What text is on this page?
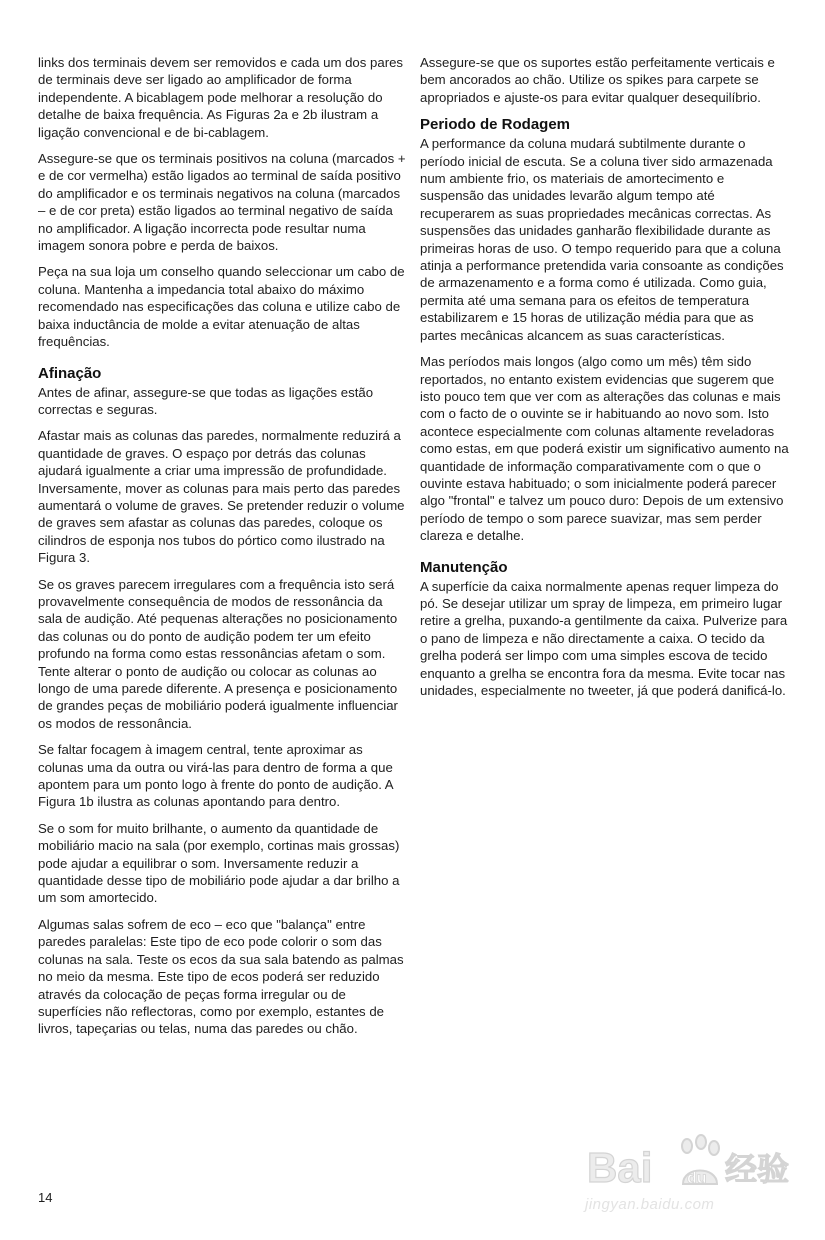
links dos terminais devem ser removidos e cada um dos pares de terminais deve ser ligado ao amplificador de forma independente. A bicablagem pode melhorar a resolução do detalhe de baixa frequência. As Figuras 2a e 2b ilustram a ligação convencional e de bi-cablagem.

Assegure-se que os terminais positivos na coluna (marcados + e de cor vermelha) estão ligados ao terminal de saída positivo do amplificador e os terminais negativos na coluna (marcados – e de cor preta) estão ligados ao terminal negativo de saída no amplificador. A ligação incorrecta pode resultar numa imagem sonora pobre e perda de baixos.

Peça na sua loja um conselho quando seleccionar um cabo de coluna. Mantenha a impedancia total abaixo do máximo recomendado nas especificações das coluna e utilize cabo de baixa inductância de molde a evitar atenuação de altas frequências.

Afinação

Antes de afinar, assegure-se que todas as ligações estão correctas e seguras.

Afastar mais as colunas das paredes, normalmente reduzirá a quantidade de graves. O espaço por detrás das colunas ajudará igualmente a criar uma impressão de profundidade. Inversamente, mover as colunas para mais perto das paredes aumentará o volume de graves. Se pretender reduzir o volume de graves sem afastar as colunas das paredes, coloque os cilindros de esponja nos tubos do pórtico como ilustrado na Figura 3.

Se os graves parecem irregulares com a frequência isto será provavelmente consequência de modos de ressonância da sala de audição. Até pequenas alterações no posicionamento das colunas ou do ponto de audição podem ter um efeito profundo na forma como estas ressonâncias afetam o som. Tente alterar o ponto de audição ou colocar as colunas ao longo de uma parede diferente. A presença e posicionamento de grandes peças de mobiliário poderá igualmente influenciar os modos de ressonância.

Se faltar focagem à imagem central, tente aproximar as colunas uma da outra ou virá-las para dentro de forma a que apontem para um ponto logo à frente do ponto de audição. A Figura 1b ilustra as colunas apontando para dentro.

Se o som for muito brilhante, o aumento da quantidade de mobiliário macio na sala (por exemplo, cortinas mais grossas) pode ajudar a equilibrar o som. Inversamente reduzir a quantidade desse tipo de mobiliário pode ajudar a dar brilho a um som amortecido.

Algumas salas sofrem de eco – eco que "balança" entre paredes paralelas: Este tipo de eco pode colorir o som das colunas na sala. Teste os ecos da sua sala batendo as palmas no meio da mesma. Este tipo de ecos poderá ser reduzido através da colocação de peças forma irregular ou de superfícies não reflectoras, como por exemplo, estantes de livros, tapeçarias ou telas, numa das paredes ou chão.

Assegure-se que os suportes estão perfeitamente verticais e bem ancorados ao chão. Utilize os spikes para carpete se apropriados e ajuste-os para evitar qualquer desequilíbrio.

Periodo de Rodagem

A performance da coluna mudará subtilmente durante o período inicial de escuta. Se a coluna tiver sido armazenada num ambiente frio, os materiais de amortecimento e suspensão das unidades levarão algum tempo até recuperarem as suas propriedades mecânicas correctas. As suspensões das unidades ganharão flexibilidade durante as primeiras horas de uso. O tempo requerido para que a coluna atinja a performance pretendida varia consoante as condições de armazenamento e a forma como é utilizada. Como guia, permita até uma semana para os efeitos de temperatura estabilizarem e 15 horas de utilização média para que as partes mecânicas alcancem as suas características.

Mas períodos mais longos (algo como um mês) têm sido reportados, no entanto existem evidencias que sugerem que isto pouco tem que ver com as alterações das colunas e mais com o facto de o ouvinte se ir habituando ao novo som. Isto acontece especialmente com colunas altamente reveladoras como estas, em que poderá existir um significativo aumento na quantidade de informação comparativamente com o que o ouvinte estava habituado; o som inicialmente poderá parecer algo "frontal" e talvez um pouco duro: Depois de um extensivo período de tempo o som parece suavizar, mas sem perder clareza e detalhe.

Manutenção

A superfície da caixa normalmente apenas requer limpeza do pó. Se desejar utilizar um spray de limpeza, em primeiro lugar retire a grelha, puxando-a gentilmente da caixa. Pulverize para o pano de limpeza e não directamente a caixa. O tecido da grelha poderá ser limpo com uma simples escova de tecido enquanto a grelha se encontra fora da mesma. Evite tocar nas unidades, especialmente no tweeter, já que poderá danificá-lo.

14
Bai du 经验
jingyan.baidu.com
